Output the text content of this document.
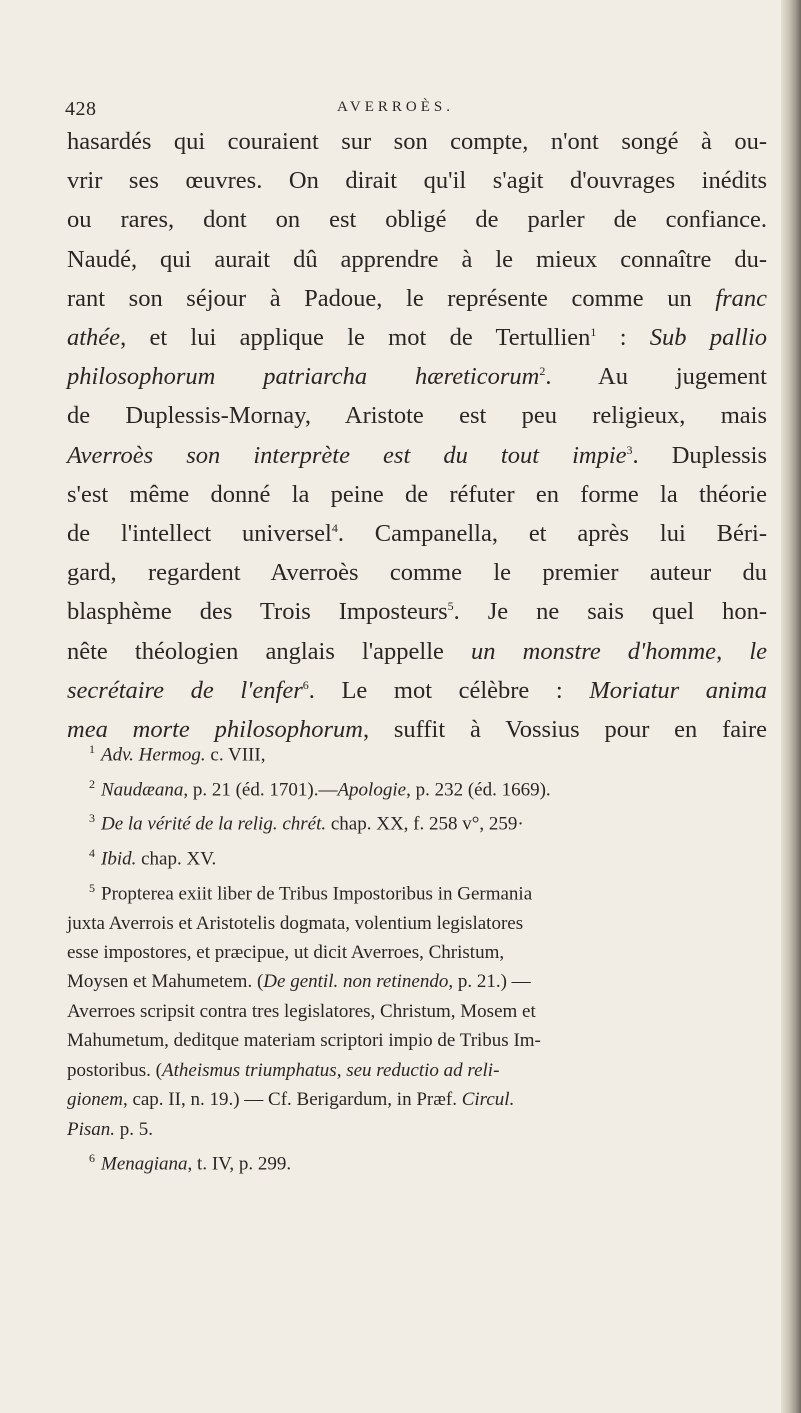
428	AVERROÈS.
hasardés qui couraient sur son compte, n'ont songé à ou-
vrir ses œuvres. On dirait qu'il s'agit d'ouvrages inédits
ou rares, dont on est obligé de parler de confiance.
Naudé, qui aurait dû apprendre à le mieux connaître du-
rant son séjour à Padoue, le représente comme un franc
athée, et lui applique le mot de Tertullien$^1$ : Sub pallio
philosophorum patriarcha hæreticorum$^2$. Au jugement
de Duplessis-Mornay, Aristote est peu religieux, mais
Averroès son interprète est du tout impie$^3$. Duplessis
s'est même donné la peine de réfuter en forme la théorie
de l'intellect universel$^4$. Campanella, et après lui Béri-
gard, regardent Averroès comme le premier auteur du
blasphème des Trois Imposteurs$^5$. Je ne sais quel hon-
nête théologien anglais l'appelle un monstre d'homme, le
secrétaire de l'enfer$^6$. Le mot célèbre : Moriatur anima
mea morte philosophorum, suffit à Vossius pour en faire
$^1$ Adv. Hermog. c. VIII,
$^2$ Naudæana, p. 21 (éd. 1701).—Apologie, p. 232 (éd. 1669).
$^3$ De la vérité de la relig. chrét. chap. XX, f. 258 v°, 259·
$^4$ Ibid. chap. XV.
$^5$ Propterea exiit liber de Tribus Impostoribus in Germania
juxta Averrois et Aristotelis dogmata, volentium legislatores
esse impostores, et præcipue, ut dicit Averroes, Christum,
Moysen et Mahumetem. (De gentil. non retinendo, p. 21.) —
Averroes scripsit contra tres legislatores, Christum, Mosem et
Mahumetum, deditque materiam scriptori impio de Tribus Im-
postoribus. (Atheismus triumphatus, seu reductio ad reli-
gionem, cap. II, n. 19.) — Cf. Berigardum, in Præf. Circul.
Pisan. p. 5.
$^6$ Menagiana, t. IV, p. 299.
